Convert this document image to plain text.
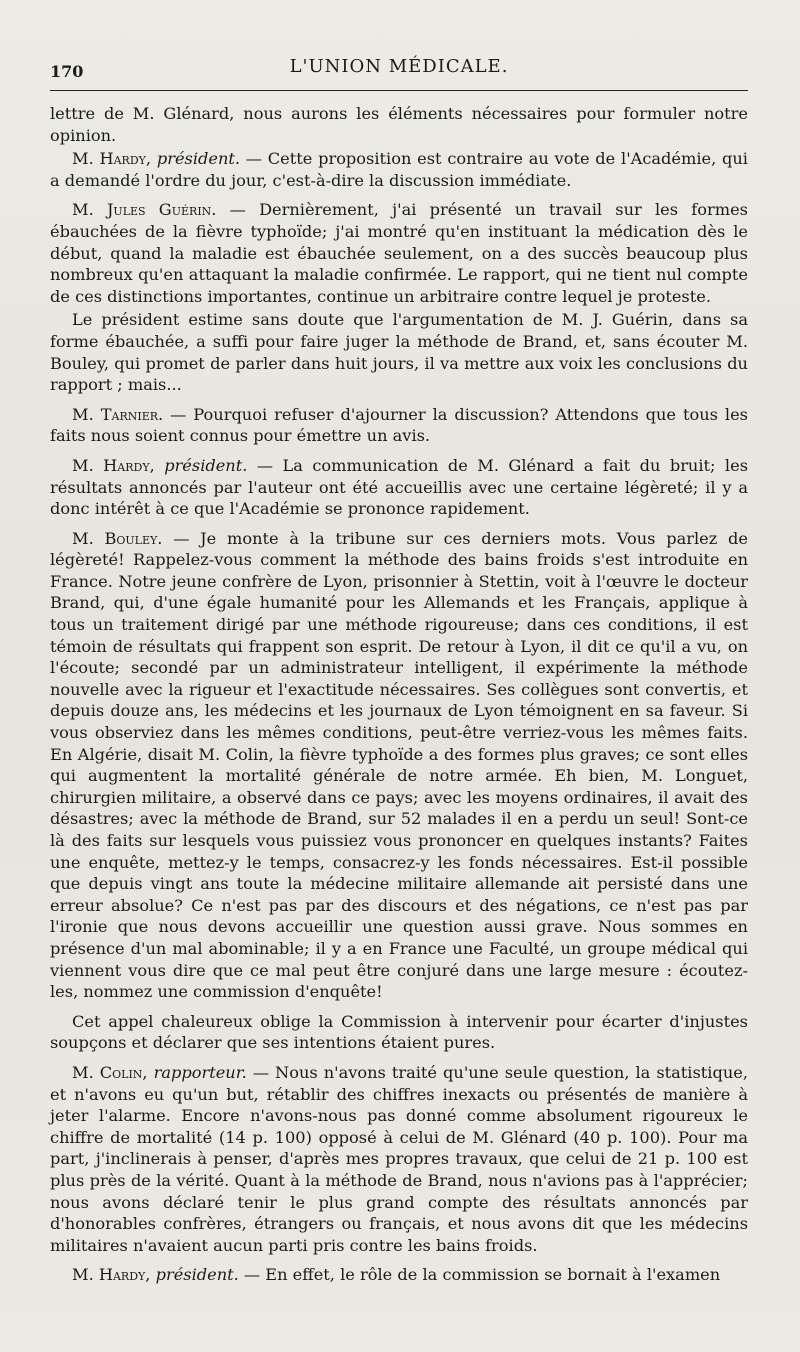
170	L'UNION MÉDICALE.

lettre de M. Glénard, nous aurons les éléments nécessaires pour formuler notre opinion.

M. Hardy, président. — Cette proposition est contraire au vote de l'Académie, qui a demandé l'ordre du jour, c'est-à-dire la discussion immédiate.

M. Jules Guérin. — Dernièrement, j'ai présenté un travail sur les formes ébauchées de la fièvre typhoïde; j'ai montré qu'en instituant la médication dès le début, quand la maladie est ébauchée seulement, on a des succès beaucoup plus nombreux qu'en attaquant la maladie confirmée. Le rapport, qui ne tient nul compte de ces distinctions importantes, continue un arbitraire contre lequel je proteste.

Le président estime sans doute que l'argumentation de M. J. Guérin, dans sa forme ébauchée, a suffi pour faire juger la méthode de Brand, et, sans écouter M. Bouley, qui promet de parler dans huit jours, il va mettre aux voix les conclusions du rapport ; mais...

M. Tarnier. — Pourquoi refuser d'ajourner la discussion? Attendons que tous les faits nous soient connus pour émettre un avis.

M. Hardy, président. — La communication de M. Glénard a fait du bruit; les résultats annoncés par l'auteur ont été accueillis avec une certaine légèreté; il y a donc intérêt à ce que l'Académie se prononce rapidement.

M. Bouley. — Je monte à la tribune sur ces derniers mots. Vous parlez de légèreté! Rappelez-vous comment la méthode des bains froids s'est introduite en France. Notre jeune confrère de Lyon, prisonnier à Stettin, voit à l'œuvre le docteur Brand, qui, d'une égale humanité pour les Allemands et les Français, applique à tous un traitement dirigé par une méthode rigoureuse; dans ces conditions, il est témoin de résultats qui frappent son esprit. De retour à Lyon, il dit ce qu'il a vu, on l'écoute; secondé par un administrateur intelligent, il expérimente la méthode nouvelle avec la rigueur et l'exactitude nécessaires. Ses collègues sont convertis, et depuis douze ans, les médecins et les journaux de Lyon témoignent en sa faveur. Si vous observiez dans les mêmes conditions, peut-être verriez-vous les mêmes faits. En Algérie, disait M. Colin, la fièvre typhoïde a des formes plus graves; ce sont elles qui augmentent la mortalité générale de notre armée. Eh bien, M. Longuet, chirurgien militaire, a observé dans ce pays; avec les moyens ordinaires, il avait des désastres; avec la méthode de Brand, sur 52 malades il en a perdu un seul! Sont-ce là des faits sur lesquels vous puissiez vous prononcer en quelques instants? Faites une enquête, mettez-y le temps, consacrez-y les fonds nécessaires. Est-il possible que depuis vingt ans toute la médecine militaire allemande ait persisté dans une erreur absolue? Ce n'est pas par des discours et des négations, ce n'est pas par l'ironie que nous devons accueillir une question aussi grave. Nous sommes en présence d'un mal abominable; il y a en France une Faculté, un groupe médical qui viennent vous dire que ce mal peut être conjuré dans une large mesure : écoutez-les, nommez une commission d'enquête!

Cet appel chaleureux oblige la Commission à intervenir pour écarter d'injustes soupçons et déclarer que ses intentions étaient pures.

M. Colin, rapporteur. — Nous n'avons traité qu'une seule question, la statistique, et n'avons eu qu'un but, rétablir des chiffres inexacts ou présentés de manière à jeter l'alarme. Encore n'avons-nous pas donné comme absolument rigoureux le chiffre de mortalité (14 p. 100) opposé à celui de M. Glénard (40 p. 100). Pour ma part, j'inclinerais à penser, d'après mes propres travaux, que celui de 21 p. 100 est plus près de la vérité. Quant à la méthode de Brand, nous n'avions pas à l'apprécier; nous avons déclaré tenir le plus grand compte des résultats annoncés par d'honorables confrères, étrangers ou français, et nous avons dit que les médecins militaires n'avaient aucun parti pris contre les bains froids.

M. Hardy, président. — En effet, le rôle de la commission se bornait à l'examen
